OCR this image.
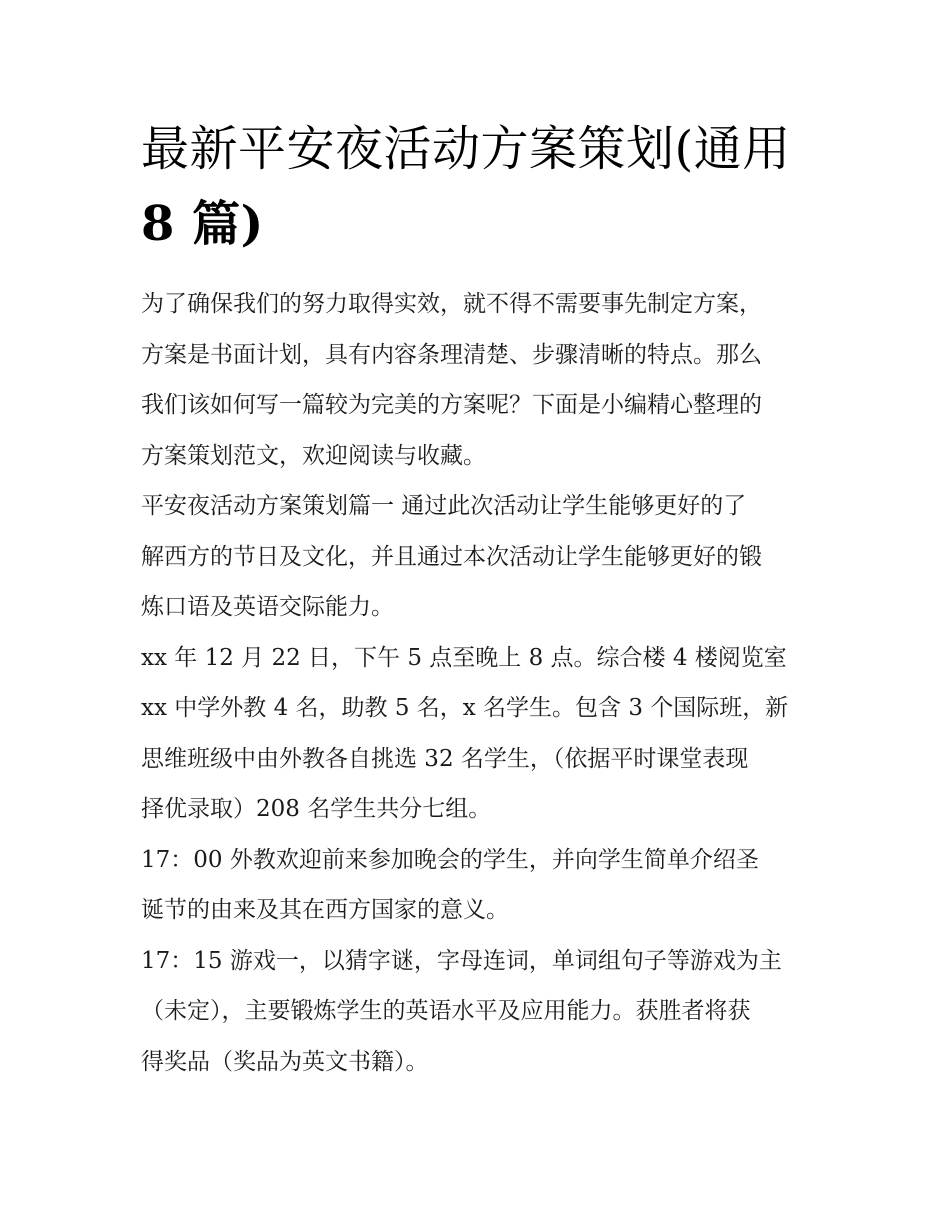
最新平安夜活动方案策划(通用
8 篇)

为了确保我们的努力取得实效，就不得不需要事先制定方案，
方案是书面计划，具有内容条理清楚、步骤清晰的特点。那么
我们该如何写一篇较为完美的方案呢？下面是小编精心整理的
方案策划范文，欢迎阅读与收藏。

平安夜活动方案策划篇一 通过此次活动让学生能够更好的了
解西方的节日及文化，并且通过本次活动让学生能够更好的锻
炼口语及英语交际能力。

xx 年 12 月 22 日，下午 5 点至晚上 8 点。综合楼 4 楼阅览室

xx 中学外教 4 名，助教 5 名，x 名学生。包含 3 个国际班，新
思维班级中由外教各自挑选 32 名学生，（依据平时课堂表现
择优录取）208 名学生共分七组。

17：00 外教欢迎前来参加晚会的学生，并向学生简单介绍圣
诞节的由来及其在西方国家的意义。

17：15 游戏一，以猜字谜，字母连词，单词组句子等游戏为主
（未定），主要锻炼学生的英语水平及应用能力。获胜者将获
得奖品（奖品为英文书籍）。
